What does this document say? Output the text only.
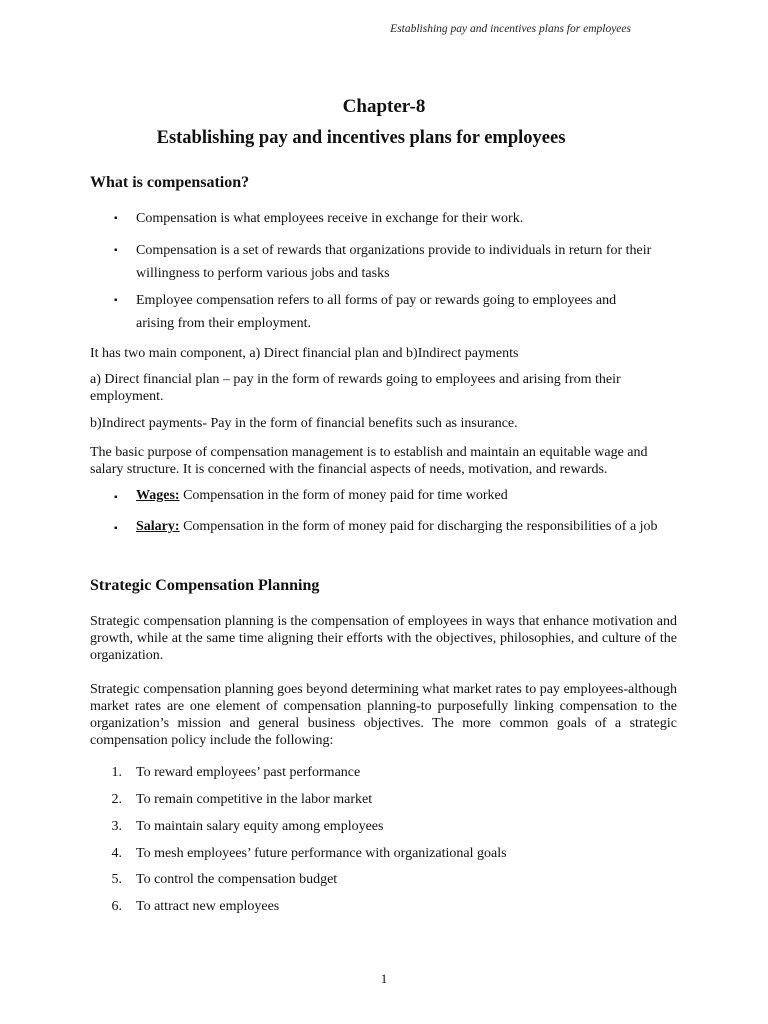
Establishing pay and incentives plans for employees
Chapter-8
Establishing pay and incentives plans for employees
What is compensation?
▪ Compensation is what employees receive in exchange for their work.
▪ Compensation is a set of rewards that organizations provide to individuals in return for their willingness to perform various jobs and tasks
▪ Employee compensation refers to all forms of pay or rewards going to employees and arising from their employment.
It has two main component, a) Direct financial plan and b)Indirect payments
a) Direct financial plan – pay in the form of rewards going to employees and arising from their employment.
b)Indirect payments- Pay in the form of financial benefits such as insurance.
The basic purpose of compensation management is to establish and maintain an equitable wage and salary structure. It is concerned with the financial aspects of needs, motivation, and rewards.
▪ Wages: Compensation in the form of money paid for time worked
▪ Salary: Compensation in the form of money paid for discharging the responsibilities of a job
Strategic Compensation Planning
Strategic compensation planning is the compensation of employees in ways that enhance motivation and growth, while at the same time aligning their efforts with the objectives, philosophies, and culture of the organization.
Strategic compensation planning goes beyond determining what market rates to pay employees-although market rates are one element of compensation planning-to purposefully linking compensation to the organization’s mission and general business objectives. The more common goals of a strategic compensation policy include the following:
1. To reward employees’ past performance
2. To remain competitive in the labor market
3. To maintain salary equity among employees
4. To mesh employees’ future performance with organizational goals
5. To control the compensation budget
6. To attract new employees
1
